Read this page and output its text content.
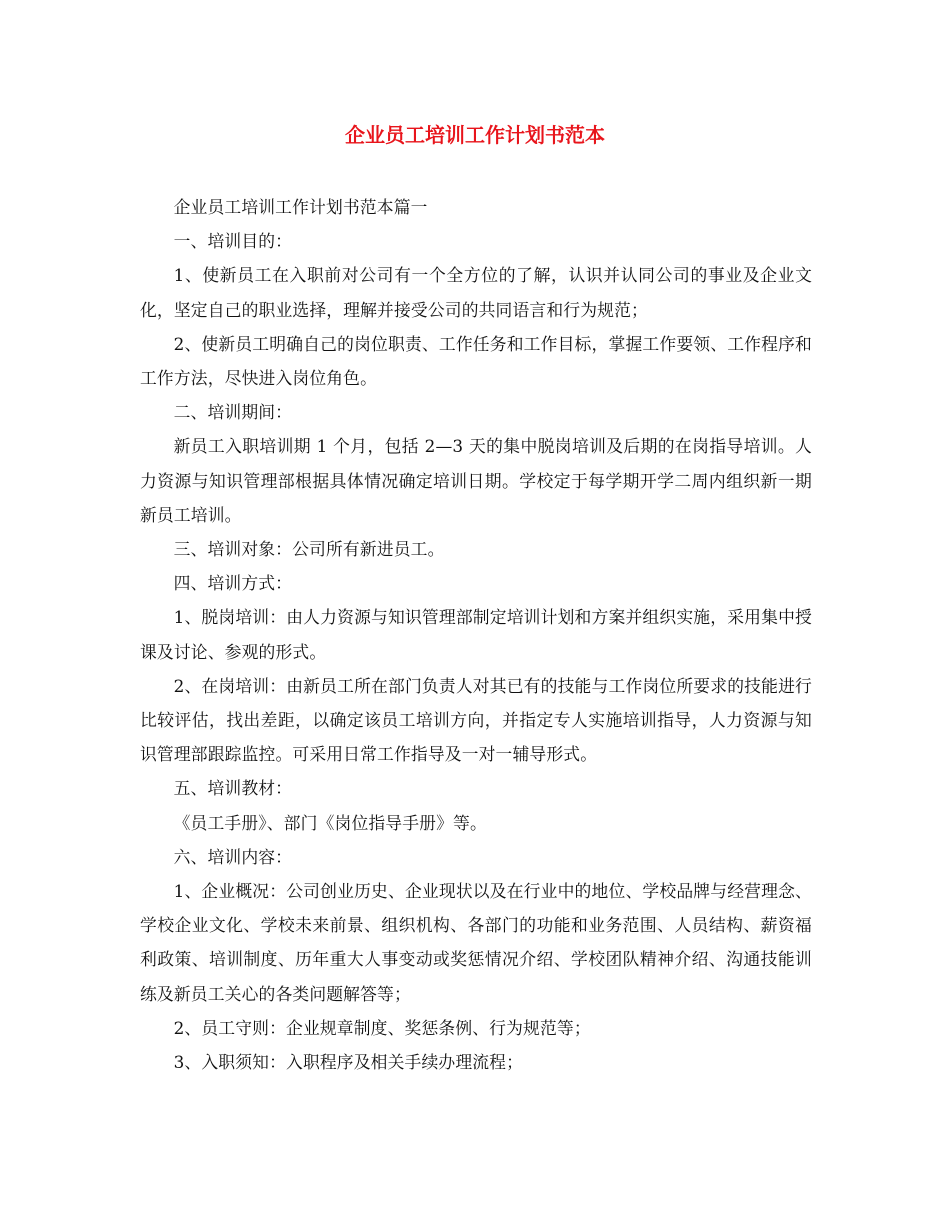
企业员工培训工作计划书范本

企业员工培训工作计划书范本篇一

一、培训目的：

1、使新员工在入职前对公司有一个全方位的了解，认识并认同公司的事业及企业文化，坚定自己的职业选择，理解并接受公司的共同语言和行为规范；

2、使新员工明确自己的岗位职责、工作任务和工作目标，掌握工作要领、工作程序和工作方法，尽快进入岗位角色。

二、培训期间：

新员工入职培训期 1 个月，包括 2—3 天的集中脱岗培训及后期的在岗指导培训。人力资源与知识管理部根据具体情况确定培训日期。学校定于每学期开学二周内组织新一期新员工培训。

三、培训对象：公司所有新进员工。

四、培训方式：

1、脱岗培训：由人力资源与知识管理部制定培训计划和方案并组织实施，采用集中授课及讨论、参观的形式。

2、在岗培训：由新员工所在部门负责人对其已有的技能与工作岗位所要求的技能进行比较评估，找出差距，以确定该员工培训方向，并指定专人实施培训指导，人力资源与知识管理部跟踪监控。可采用日常工作指导及一对一辅导形式。

五、培训教材：

《员工手册》、部门《岗位指导手册》等。

六、培训内容：

1、企业概况：公司创业历史、企业现状以及在行业中的地位、学校品牌与经营理念、学校企业文化、学校未来前景、组织机构、各部门的功能和业务范围、人员结构、薪资福利政策、培训制度、历年重大人事变动或奖惩情况介绍、学校团队精神介绍、沟通技能训练及新员工关心的各类问题解答等；

2、员工守则：企业规章制度、奖惩条例、行为规范等；

3、入职须知：入职程序及相关手续办理流程；
